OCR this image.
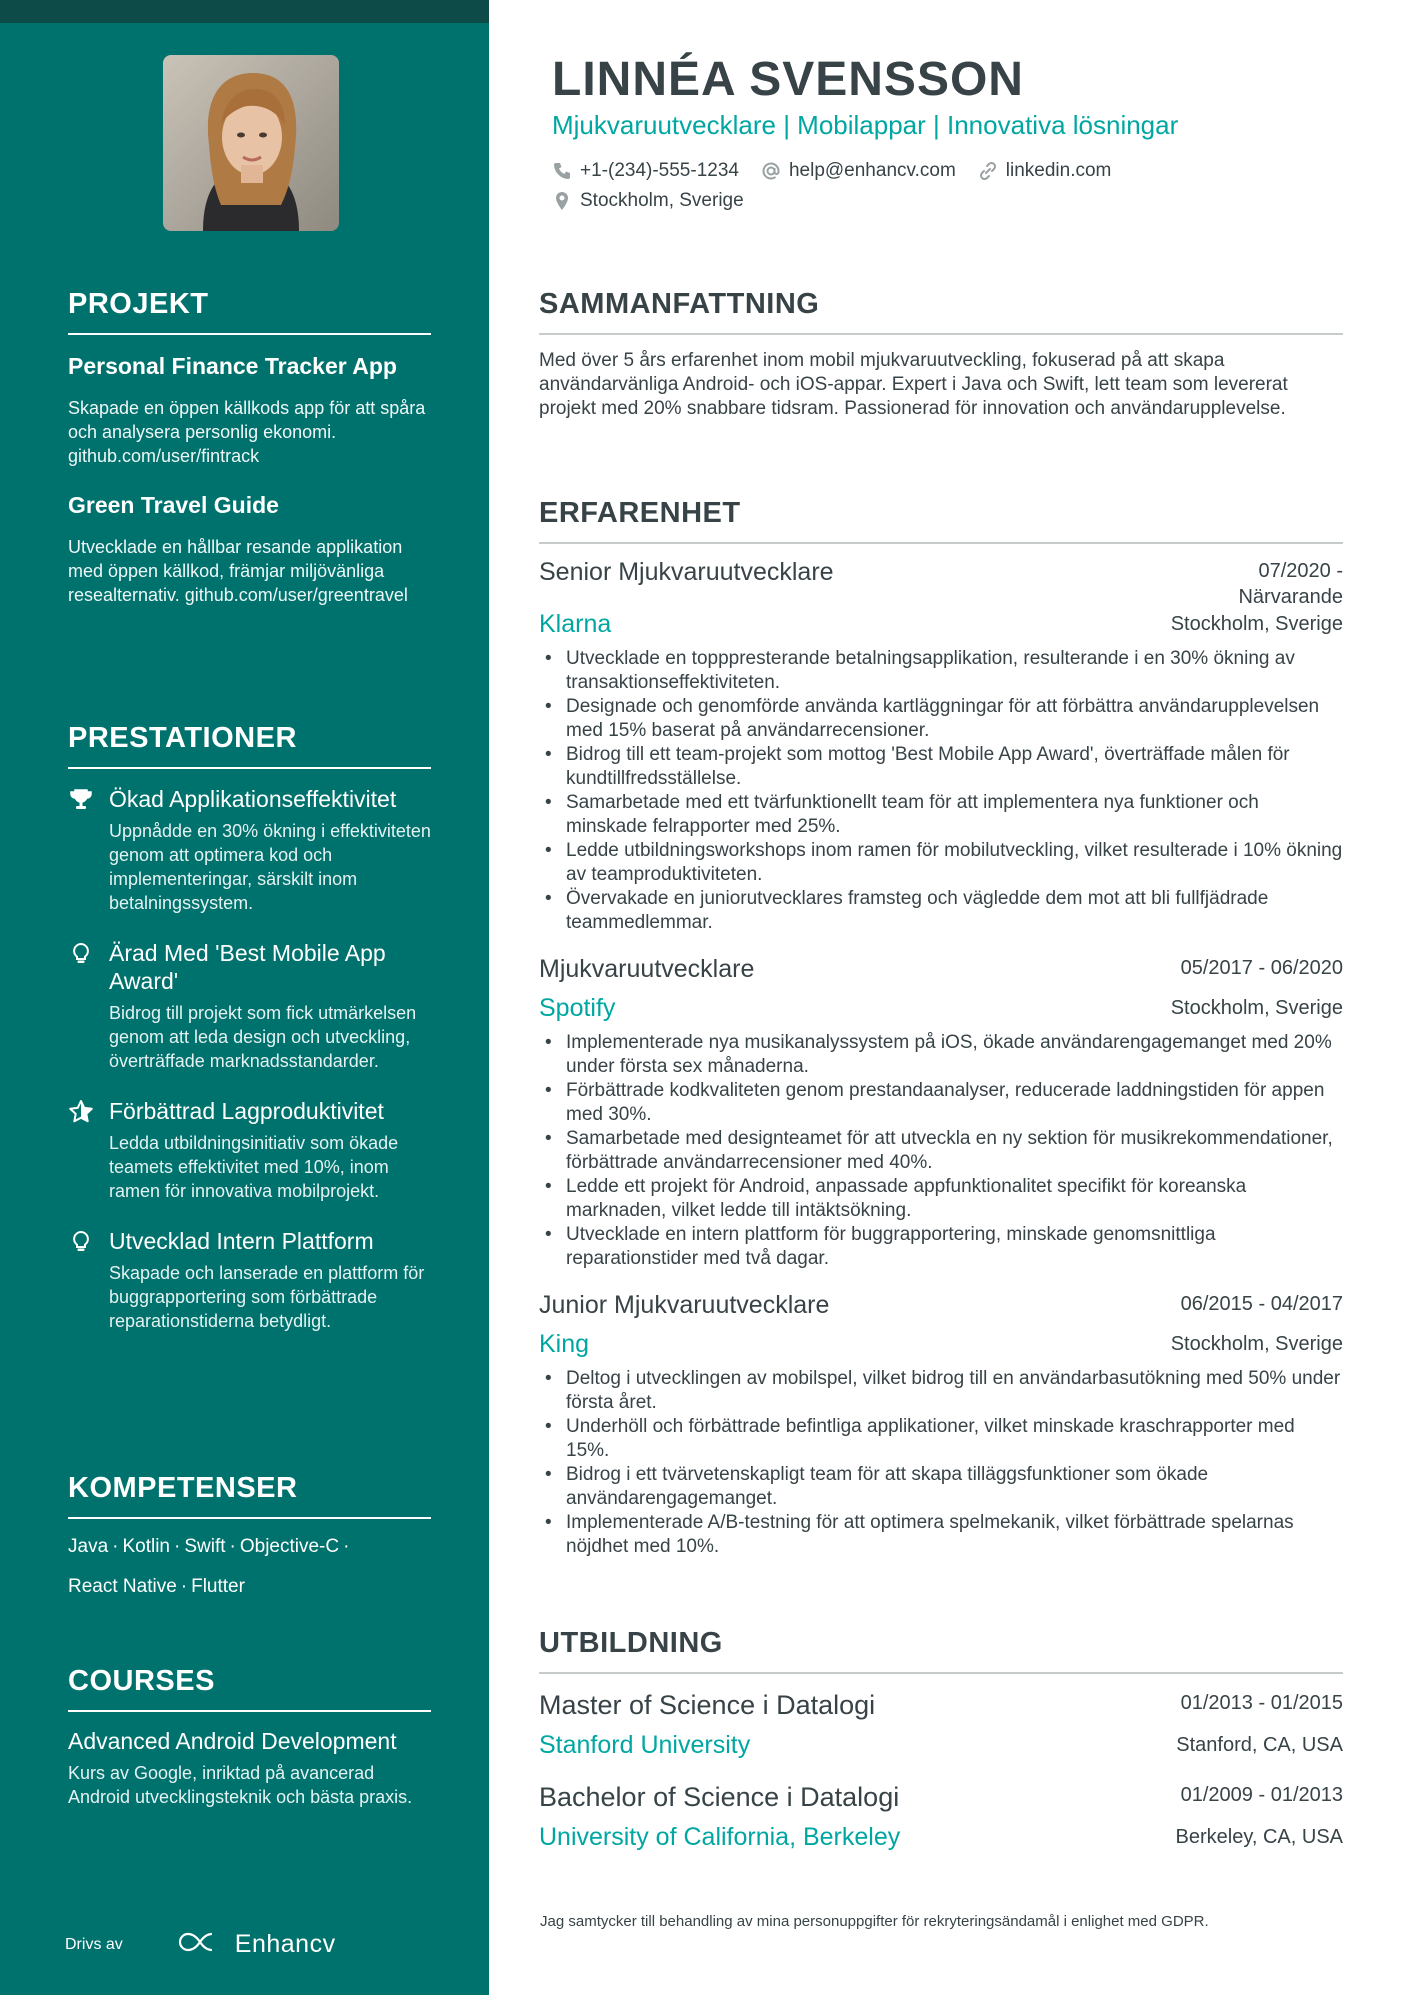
PROJEKT
Personal Finance Tracker App
Skapade en öppen källkods app för att spåra och analysera personlig ekonomi. github.com/user/fintrack
Green Travel Guide
Utvecklade en hållbar resande applikation med öppen källkod, främjar miljövänliga resealternativ. github.com/user/greentravel
PRESTATIONER
Ökad Applikationseffektivitet
Uppnådde en 30% ökning i effektiviteten genom att optimera kod och implementeringar, särskilt inom betalningssystem.
Ärad Med 'Best Mobile App Award'
Bidrog till projekt som fick utmärkelsen genom att leda design och utveckling, överträffade marknadsstandarder.
Förbättrad Lagproduktivitet
Ledda utbildningsinitiativ som ökade teamets effektivitet med 10%, inom ramen för innovativa mobilprojekt.
Utvecklad Intern Plattform
Skapade och lanserade en plattform för buggrapportering som förbättrade reparationstiderna betydligt.
KOMPETENSER
Java · Kotlin · Swift · Objective-C ·
React Native · Flutter
COURSES
Advanced Android Development
Kurs av Google, inriktad på avancerad Android utvecklingsteknik och bästa praxis.
Drivs av	Enhancv
LINNÉA SVENSSON
Mjukvaruutvecklare | Mobilappar | Innovativa lösningar
+1-(234)-555-1234	help@enhancv.com	linkedin.com
Stockholm, Sverige
SAMMANFATTNING

Med över 5 års erfarenhet inom mobil mjukvaruutveckling, fokuserad på att skapa användarvänliga Android- och iOS-appar. Expert i Java och Swift, lett team som levererat projekt med 20% snabbare tidsram. Passionerad för innovation och användarupplevelse.

ERFARENHET
Senior Mjukvaruutvecklare	07/2020 -
Närvarande
Klarna	Stockholm, Sverige
• Utvecklade en topppresterande betalningsapplikation, resulterande i en 30% ökning av transaktionseffektiviteten.
• Designade och genomförde använda kartläggningar för att förbättra användarupplevelsen med 15% baserat på användarrecensioner.
• Bidrog till ett team-projekt som mottog 'Best Mobile App Award', överträffade målen för kundtillfredsställelse.
• Samarbetade med ett tvärfunktionellt team för att implementera nya funktioner och minskade felrapporter med 25%.
• Ledde utbildningsworkshops inom ramen för mobilutveckling, vilket resulterade i 10% ökning av teamproduktiviteten.
• Övervakade en juniorutvecklares framsteg och vägledde dem mot att bli fullfjädrade teammedlemmar.
Mjukvaruutvecklare	05/2017 - 06/2020
Spotify	Stockholm, Sverige
• Implementerade nya musikanalyssystem på iOS, ökade användarengagemanget med 20% under första sex månaderna.
• Förbättrade kodkvaliteten genom prestandaanalyser, reducerade laddningstiden för appen med 30%.
• Samarbetade med designteamet för att utveckla en ny sektion för musikrekommendationer, förbättrade användarrecensioner med 40%.
• Ledde ett projekt för Android, anpassade appfunktionalitet specifikt för koreanska marknaden, vilket ledde till intäktsökning.
• Utvecklade en intern plattform för buggrapportering, minskade genomsnittliga reparationstider med två dagar.
Junior Mjukvaruutvecklare	06/2015 - 04/2017
King	Stockholm, Sverige
• Deltog i utvecklingen av mobilspel, vilket bidrog till en användarbasutökning med 50% under första året.
• Underhöll och förbättrade befintliga applikationer, vilket minskade kraschrapporter med 15%.
• Bidrog i ett tvärvetenskapligt team för att skapa tilläggsfunktioner som ökade användarengagemanget.
• Implementerade A/B-testning för att optimera spelmekanik, vilket förbättrade spelarnas nöjdhet med 10%.
UTBILDNING
Master of Science i Datalogi	01/2013 - 01/2015
Stanford University	Stanford, CA, USA
Bachelor of Science i Datalogi	01/2009 - 01/2013
University of California, Berkeley	Berkeley, CA, USA
Jag samtycker till behandling av mina personuppgifter för rekryteringsändamål i enlighet med GDPR.
